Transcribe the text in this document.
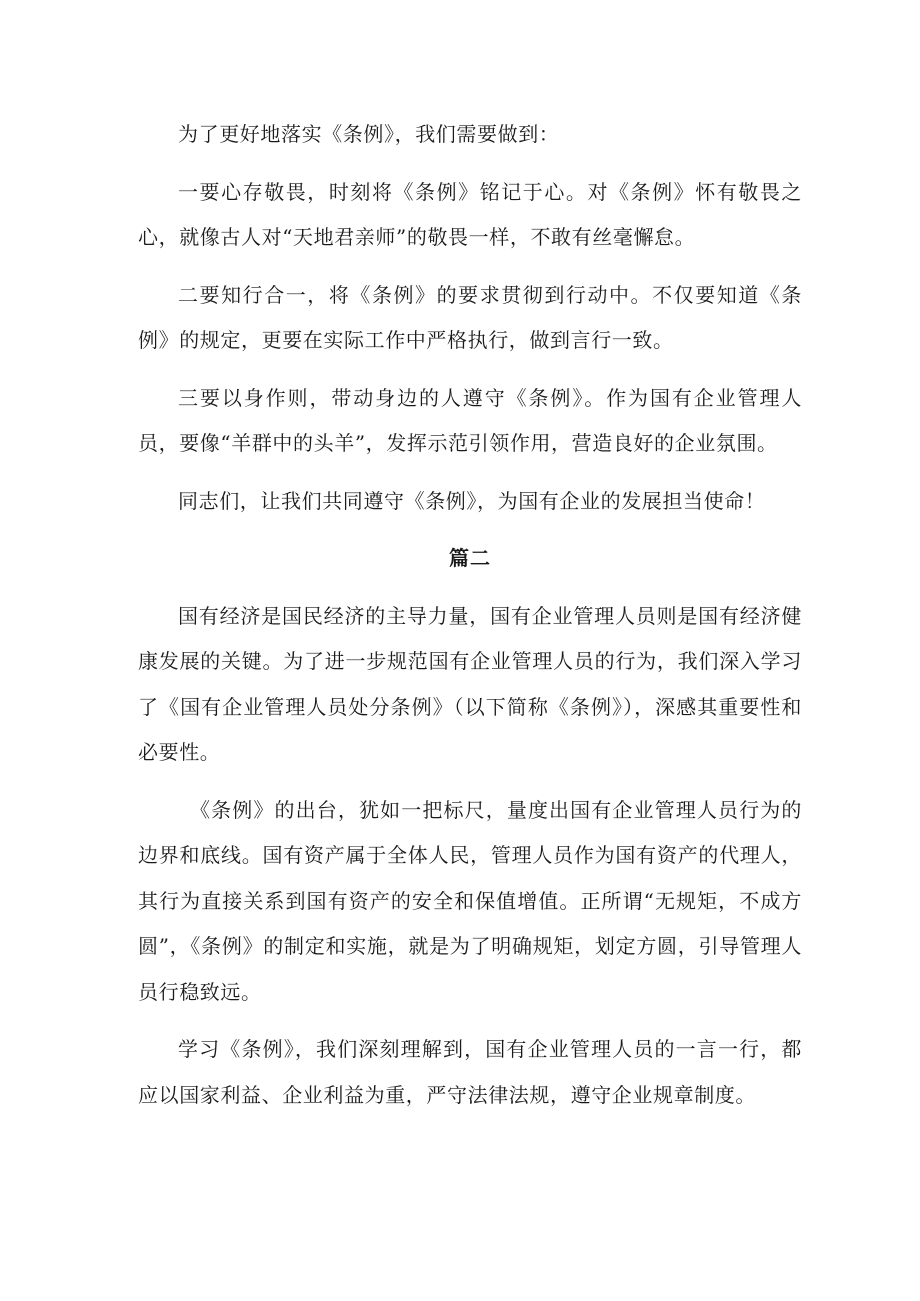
为了更好地落实《条例》，我们需要做到：

一要心存敬畏，时刻将《条例》铭记于心。对《条例》怀有敬畏之心，就像古人对“天地君亲师”的敬畏一样，不敢有丝毫懈怠。

二要知行合一，将《条例》的要求贯彻到行动中。不仅要知道《条例》的规定，更要在实际工作中严格执行，做到言行一致。

三要以身作则，带动身边的人遵守《条例》。作为国有企业管理人员，要像“羊群中的头羊”，发挥示范引领作用，营造良好的企业氛围。

同志们，让我们共同遵守《条例》，为国有企业的发展担当使命！

篇二

国有经济是国民经济的主导力量，国有企业管理人员则是国有经济健康发展的关键。为了进一步规范国有企业管理人员的行为，我们深入学习了《国有企业管理人员处分条例》（以下简称《条例》），深感其重要性和必要性。

《条例》的出台，犹如一把标尺，量度出国有企业管理人员行为的边界和底线。国有资产属于全体人民，管理人员作为国有资产的代理人，其行为直接关系到国有资产的安全和保值增值。正所谓“无规矩，不成方圆”，《条例》的制定和实施，就是为了明确规矩，划定方圆，引导管理人员行稳致远。

学习《条例》，我们深刻理解到，国有企业管理人员的一言一行，都应以国家利益、企业利益为重，严守法律法规，遵守企业规章制度。
